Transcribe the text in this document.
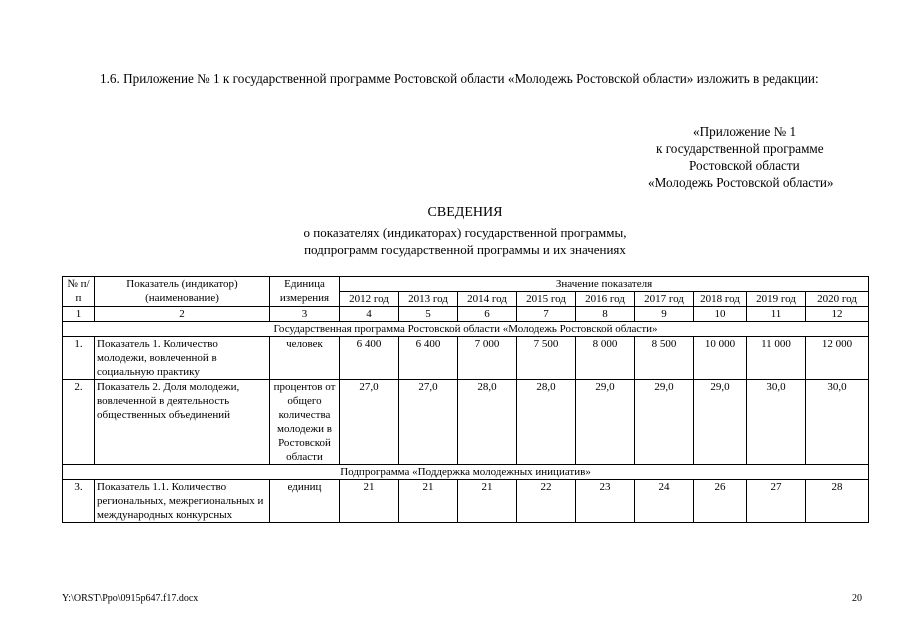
1.6. Приложение № 1 к государственной программе Ростовской области «Молодежь Ростовской области» изложить в редакции:
«Приложение № 1
к государственной программе
Ростовской области
«Молодежь Ростовской области»
СВЕДЕНИЯ
о показателях (индикаторах) государственной программы,
подпрограмм государственной программы и их значениях
№ п/п	Показатель (индикатор) (наименование)	Единица измерения	Значение показателя								
			2012 год	2013 год	2014 год	2015 год	2016 год	2017 год	2018 год	2019 год	2020 год
1	2	3	4	5	6	7	8	9	10	11	12
Государственная программа Ростовской области «Молодежь Ростовской области»											
1.	Показатель 1. Количество молодежи, вовлеченной в социальную практику	человек	6 400	6 400	7 000	7 500	8 000	8 500	10 000	11 000	12 000
2.	Показатель 2. Доля молодежи, вовлеченной в деятельность общественных объединений	процентов от общего количества молодежи в Ростовской области	27,0	27,0	28,0	28,0	29,0	29,0	29,0	30,0	30,0
Подпрограмма «Поддержка молодежных инициатив»											
3.	Показатель 1.1. Количество региональных, межрегиональных и международных конкурсных	единиц	21	21	21	22	23	24	26	27	28
Y:\ORST\Ppo\0915p647.f17.docx	20
